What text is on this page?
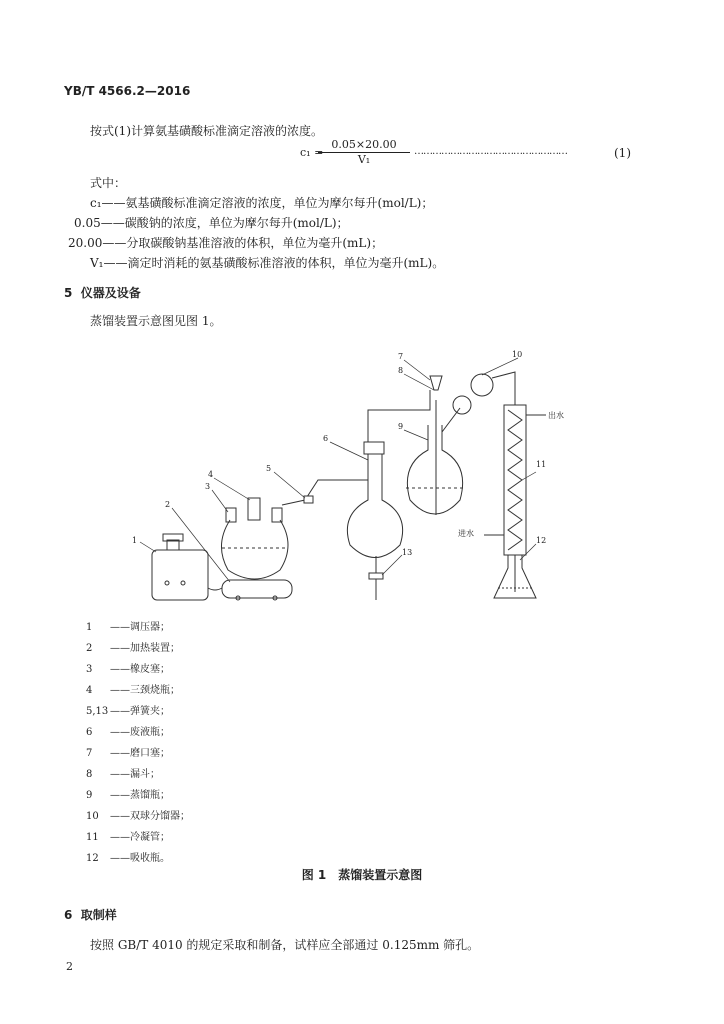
YB/T 4566.2—2016
按式(1)计算氨基磺酸标准滴定溶液的浓度。
c₁ =
0.05×20.00
V₁
……………………………………………	(1)
式中：
c₁——氨基磺酸标准滴定溶液的浓度，单位为摩尔每升(mol/L)；
0.05——碳酸钠的浓度，单位为摩尔每升(mol/L)；
20.00——分取碳酸钠基准溶液的体积，单位为毫升(mL)；
V₁——滴定时消耗的氨基磺酸标准溶液的体积，单位为毫升(mL)。
5 仪器及设备
蒸馏装置示意图见图 1。
1
2
3
4
5
6
7
8
9
10
11
12
13
出水
进水
1 ——调压器；
2 ——加热装置；
3 ——橡皮塞；
4 ——三颈烧瓶；
5,13 ——弹簧夹；
6 ——废液瓶；
7 ——磨口塞；
8 ——漏斗；
9 ——蒸馏瓶；
10 ——双球分馏器；
11 ——冷凝管；
12 ——吸收瓶。
图 1　蒸馏装置示意图
6 取制样
按照 GB/T 4010 的规定采取和制备，试样应全部通过 0.125mm 筛孔。
2
